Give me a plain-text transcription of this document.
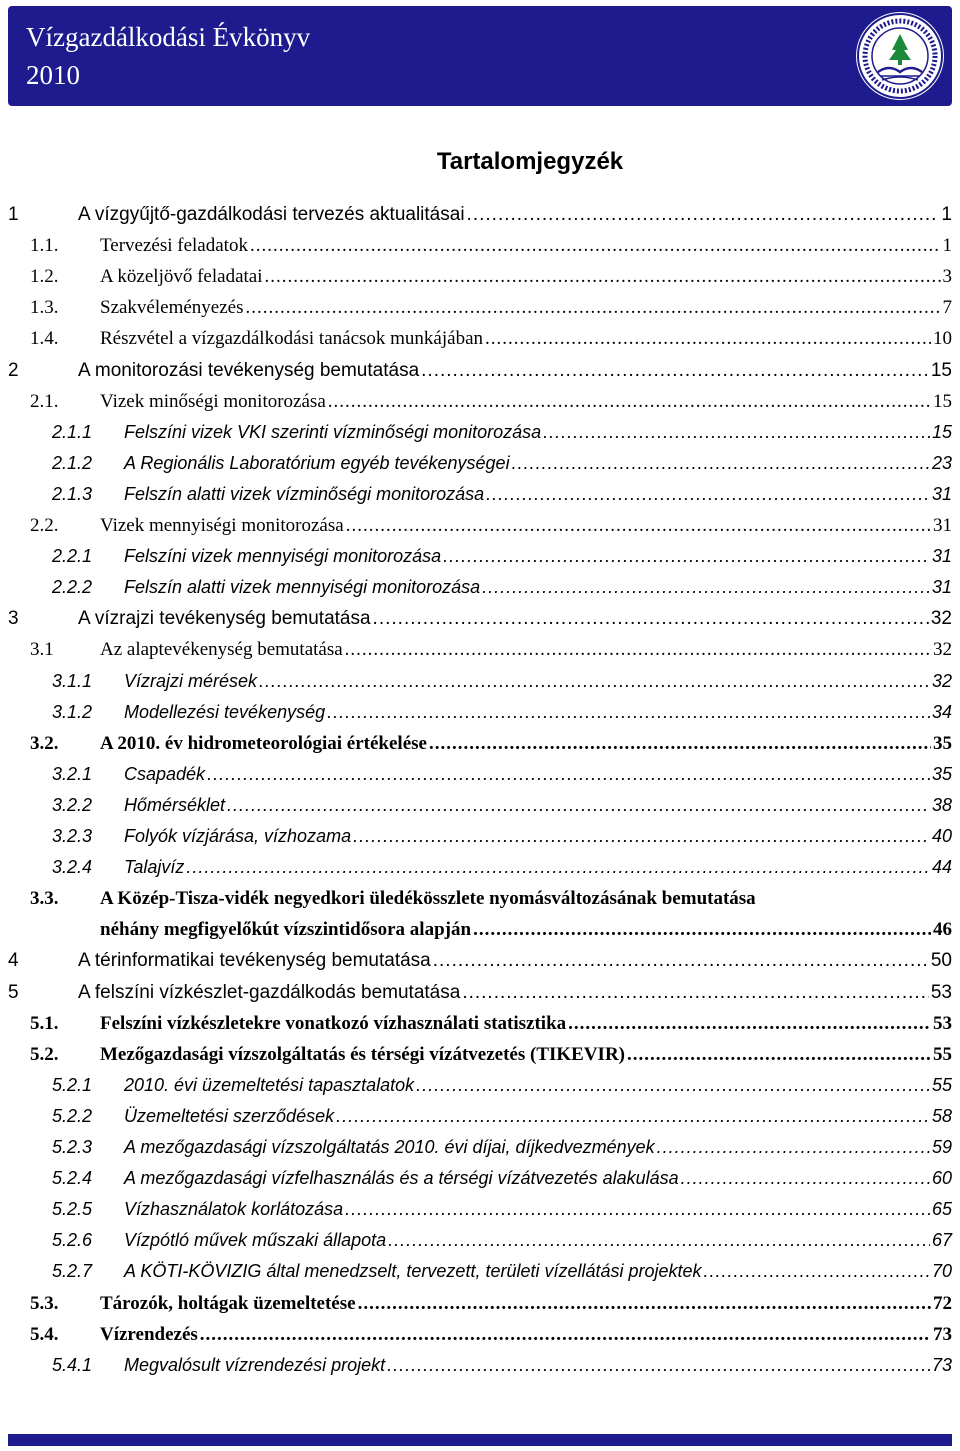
Vízgazdálkodási Évkönyv
2010
Tartalomjegyzék
1	A vízgyűjtő-gazdálkodási tervezés aktualitásai .....	1
1.1. Tervezési feladatok .....	1
1.2. A közeljövő feladatai .....	3
1.3. Szakvéleményezés .....	7
1.4. Részvétel a vízgazdálkodási tanácsok munkájában .....	10
2	A monitorozási tevékenység bemutatása .....	15
2.1. Vizek minőségi monitorozása .....	15
2.1.1 Felszíni vizek VKI szerinti vízminőségi monitorozása .....	15
2.1.2 A Regionális Laboratórium egyéb tevékenységei .....	23
2.1.3 Felszín alatti vizek vízminőségi monitorozása .....	31
2.2. Vizek mennyiségi monitorozása .....	31
2.2.1 Felszíni vizek mennyiségi monitorozása .....	31
2.2.2 Felszín alatti vizek mennyiségi monitorozása .....	31
3	A vízrajzi tevékenység bemutatása .....	32
3.1 Az alaptevékenység bemutatása .....	32
3.1.1 Vízrajzi mérések .....	32
3.1.2 Modellezési tevékenység .....	34
3.2. A 2010. év hidrometeorológiai értékelése .....	35
3.2.1 Csapadék .....	35
3.2.2 Hőmérséklet .....	38
3.2.3 Folyók vízjárása, vízhozama .....	40
3.2.4 Talajvíz .....	44
3.3. A Közép-Tisza-vidék negyedkori üledékösszlete nyomásváltozásának bemutatása
néhány megfigyelőkút vízszintidősora alapján .....	46
4	A térinformatikai tevékenység bemutatása .....	50
5	A felszíni vízkészlet-gazdálkodás bemutatása .....	53
5.1. Felszíni vízkészletekre vonatkozó vízhasználati statisztika .....	53
5.2. Mezőgazdasági vízszolgáltatás és térségi vízátvezetés (TIKEVIR) .....	55
5.2.1 2010. évi üzemeltetési tapasztalatok .....	55
5.2.2 Üzemeltetési szerződések .....	58
5.2.3 A mezőgazdasági vízszolgáltatás 2010. évi díjai, díjkedvezmények .....	59
5.2.4 A mezőgazdasági vízfelhasználás és a térségi vízátvezetés alakulása .....	60
5.2.5 Vízhasználatok korlátozása .....	65
5.2.6 Vízpótló művek műszaki állapota .....	67
5.2.7 A KÖTI-KÖVIZIG által menedzselt, tervezett, területi vízellátási projektek .....	70
5.3. Tározók, holtágak üzemeltetése .....	72
5.4. Vízrendezés .....	73
5.4.1 Megvalósult vízrendezési projekt .....	73
